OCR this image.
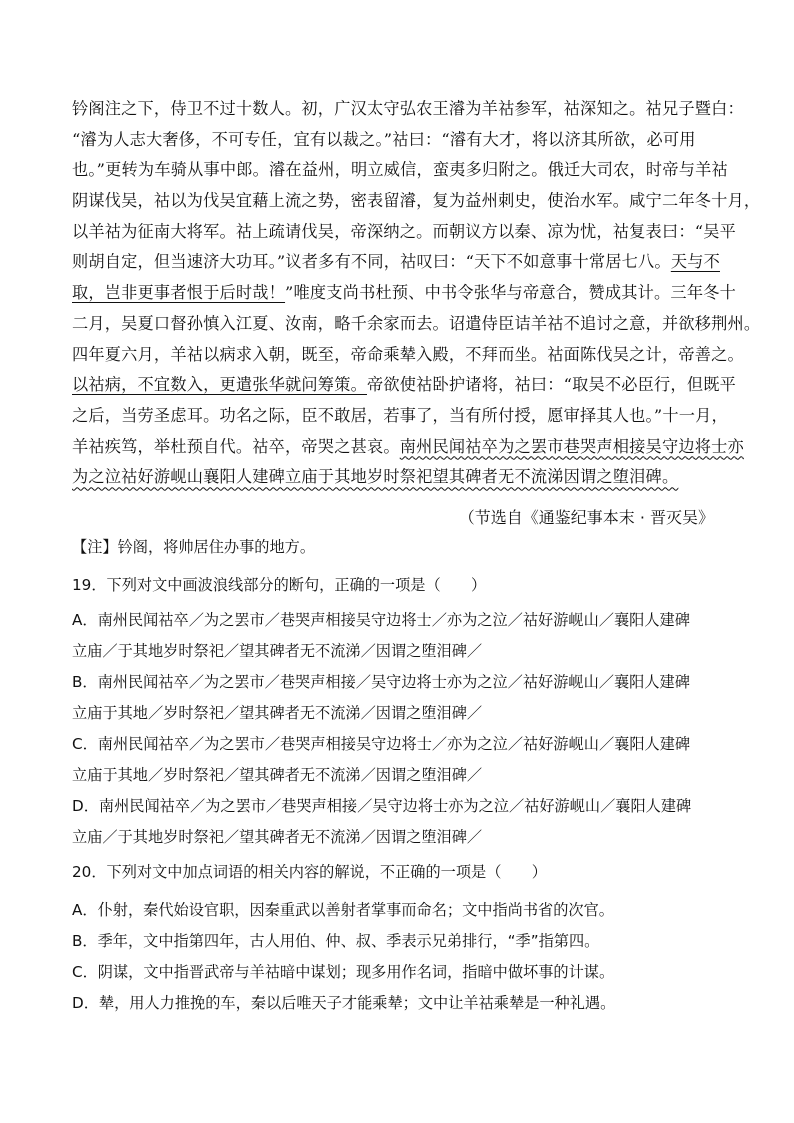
钤阁注之下，侍卫不过十数人。初，广汉太守弘农王濬为羊祜参军，祜深知之。祜兄子暨白：
“濬为人志大奢侈，不可专任，宜有以裁之。”祜曰：“濬有大才，将以济其所欲，必可用
也。”更转为车骑从事中郎。濬在益州，明立威信，蛮夷多归附之。俄迁大司农，时帝与羊祜
阴谋伐吴，祜以为伐吴宜藉上流之势，密表留濬，复为益州刺史，使治水军。咸宁二年冬十月，
以羊祜为征南大将军。祜上疏请伐吴，帝深纳之。而朝议方以秦、凉为忧，祜复表曰：“吴平
则胡自定，但当速济大功耳。”议者多有不同，祜叹曰：“天下不如意事十常居七八。天与不
取，岂非更事者恨于后时哉！”唯度支尚书杜预、中书令张华与帝意合，赞成其计。三年冬十
二月，吴夏口督孙慎入江夏、汝南，略千余家而去。诏遣侍臣诘羊祜不追讨之意，并欲移荆州。
四年夏六月，羊祜以病求入朝，既至，帝命乘辇入殿，不拜而坐。祜面陈伐吴之计，帝善之。
以祜病，不宜数入，更遣张华就问筹策。帝欲使祜卧护诸将，祜曰：“取吴不必臣行，但既平
之后，当劳圣虑耳。功名之际，臣不敢居，若事了，当有所付授，愿审择其人也。”十一月，
羊祜疾笃，举杜预自代。祜卒，帝哭之甚哀。南州民闻祜卒为之罢市巷哭声相接吴守边将士亦
为之泣祜好游岘山襄阳人建碑立庙于其地岁时祭祀望其碑者无不流涕因谓之堕泪碑。
（节选自《通鉴纪事本末 · 晋灭吴》
【注】钤阁，将帅居住办事的地方。
19．下列对文中画波浪线部分的断句，正确的一项是（　　）
A．南州民闻祜卒／为之罢市／巷哭声相接吴守边将士／亦为之泣／祜好游岘山／襄阳人建碑
立庙／于其地岁时祭祀／望其碑者无不流涕／因谓之堕泪碑／
B．南州民闻祜卒／为之罢市／巷哭声相接／吴守边将士亦为之泣／祜好游岘山／襄阳人建碑
立庙于其地／岁时祭祀／望其碑者无不流涕／因谓之堕泪碑／
C．南州民闻祜卒／为之罢市／巷哭声相接吴守边将士／亦为之泣／祜好游岘山／襄阳人建碑
立庙于其地／岁时祭祀／望其碑者无不流涕／因谓之堕泪碑／
D．南州民闻祜卒／为之罢市／巷哭声相接／吴守边将士亦为之泣／祜好游岘山／襄阳人建碑
立庙／于其地岁时祭祀／望其碑者无不流涕／因谓之堕泪碑／
20．下列对文中加点词语的相关内容的解说，不正确的一项是（　　）
A．仆射，秦代始设官职，因秦重武以善射者掌事而命名；文中指尚书省的次官。
B．季年，文中指第四年，古人用伯、仲、叔、季表示兄弟排行，“季”指第四。
C．阴谋，文中指晋武帝与羊祜暗中谋划；现多用作名词，指暗中做坏事的计谋。
D．辇，用人力推挽的车，秦以后唯天子才能乘辇；文中让羊祜乘辇是一种礼遇。
